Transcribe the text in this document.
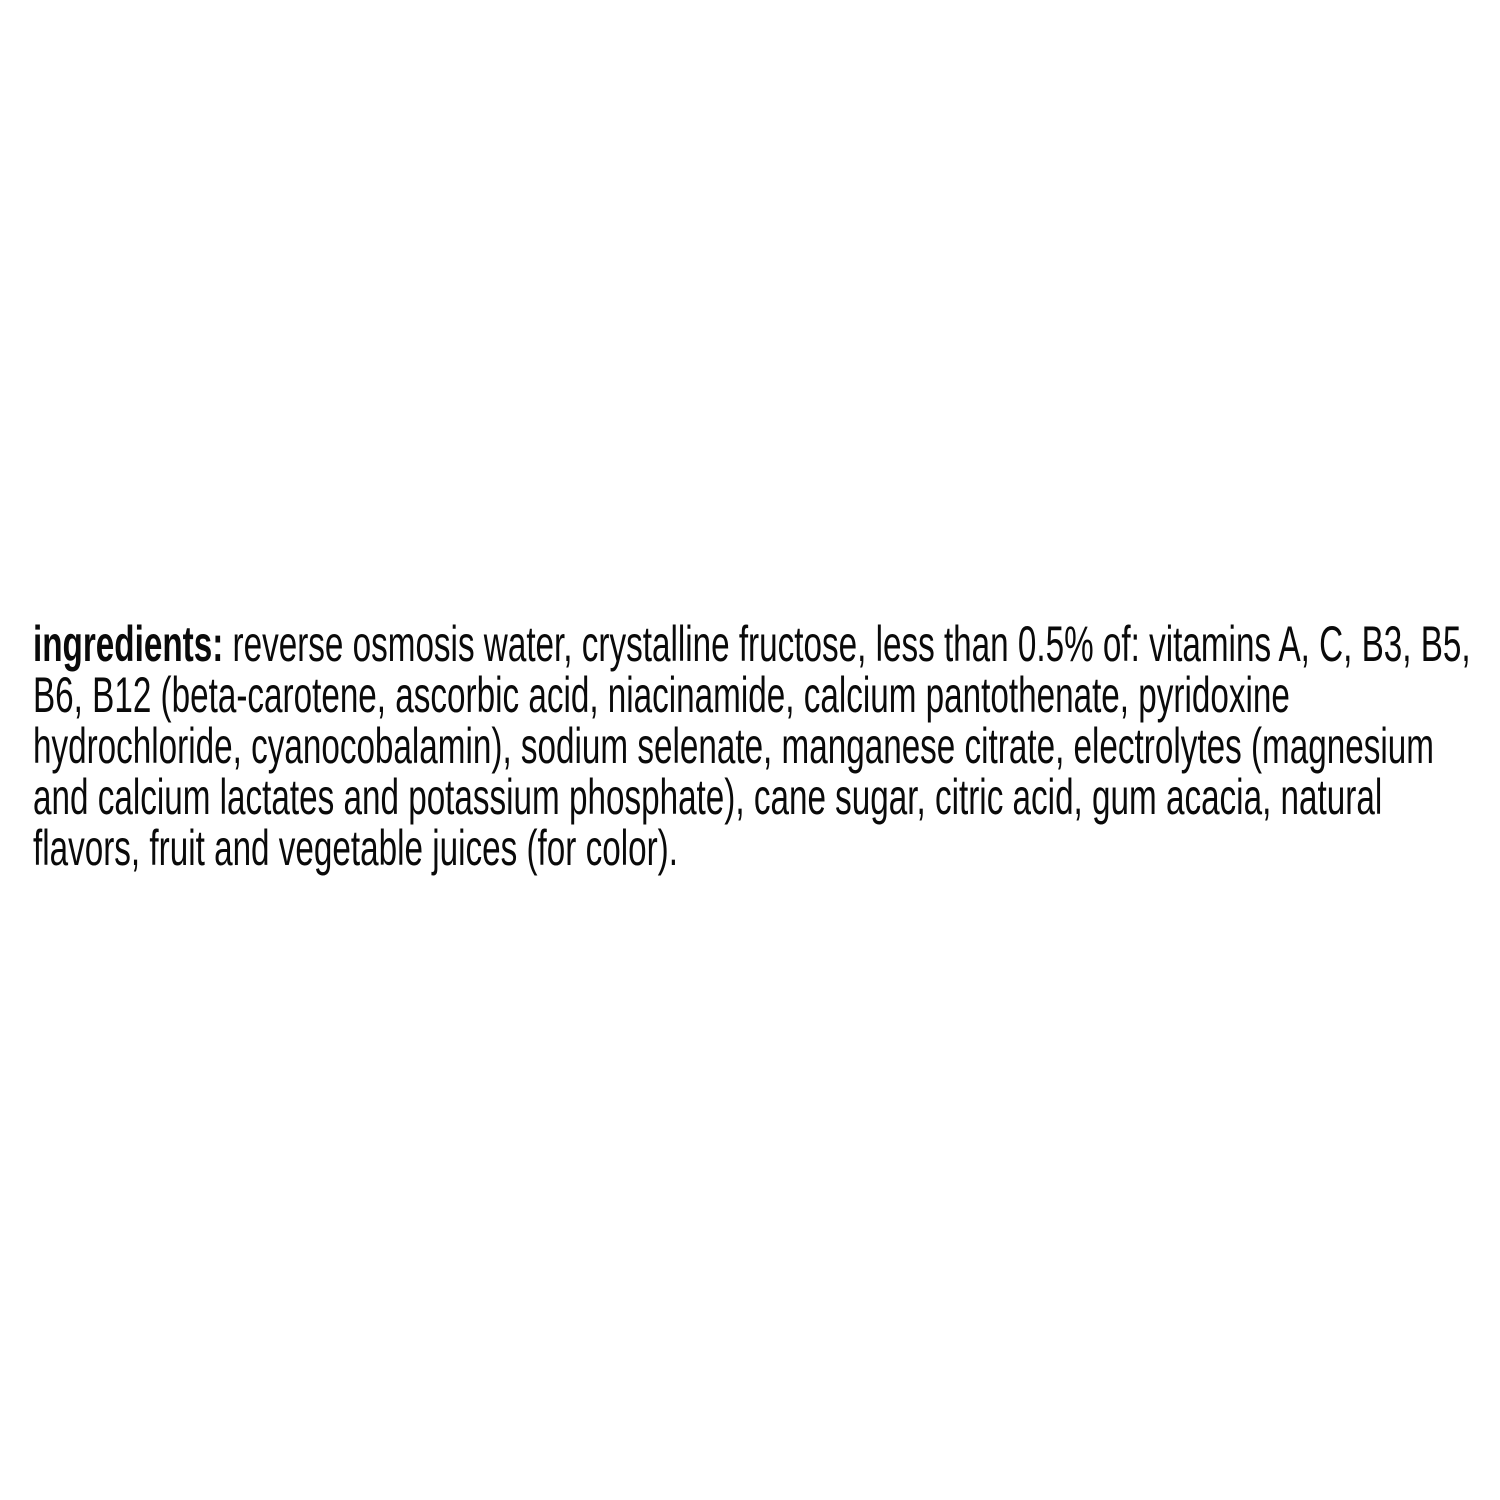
ingredients: reverse osmosis water, crystalline fructose, less than 0.5% of: vitamins A, C, B3, B5,
B6, B12 (beta-carotene, ascorbic acid, niacinamide, calcium pantothenate, pyridoxine
hydrochloride, cyanocobalamin), sodium selenate, manganese citrate, electrolytes (magnesium
and calcium lactates and potassium phosphate), cane sugar, citric acid, gum acacia, natural
flavors, fruit and vegetable juices (for color).
